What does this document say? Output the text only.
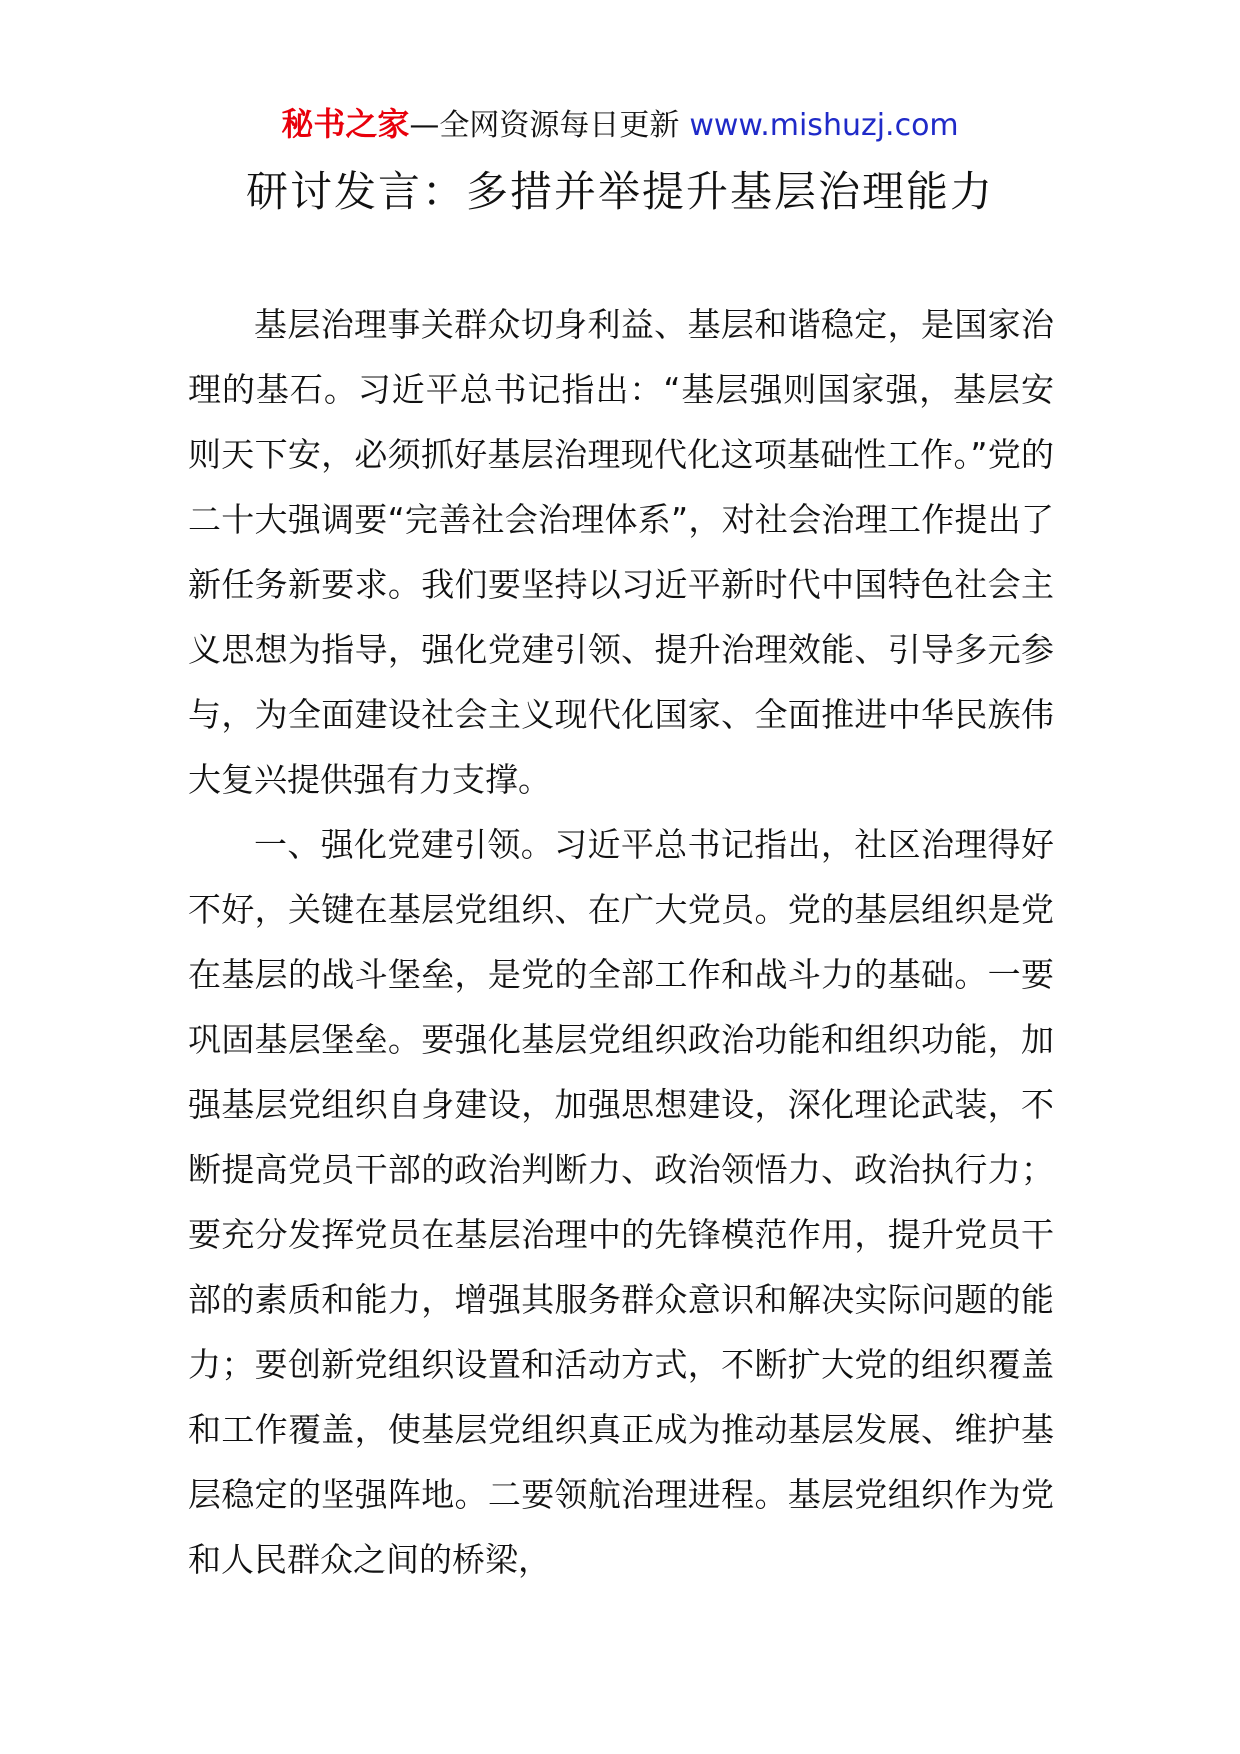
秘书之家—全网资源每日更新 www.mishuzj.com
研讨发言：多措并举提升基层治理能力

基层治理事关群众切身利益、基层和谐稳定，是国家治理的基石。习近平总书记指出：“基层强则国家强，基层安则天下安，必须抓好基层治理现代化这项基础性工作。”党的二十大强调要“完善社会治理体系”，对社会治理工作提出了新任务新要求。我们要坚持以习近平新时代中国特色社会主义思想为指导，强化党建引领、提升治理效能、引导多元参与，为全面建设社会主义现代化国家、全面推进中华民族伟大复兴提供强有力支撑。

一、强化党建引领。习近平总书记指出，社区治理得好不好，关键在基层党组织、在广大党员。党的基层组织是党在基层的战斗堡垒，是党的全部工作和战斗力的基础。一要巩固基层堡垒。要强化基层党组织政治功能和组织功能，加强基层党组织自身建设，加强思想建设，深化理论武装，不断提高党员干部的政治判断力、政治领悟力、政治执行力；要充分发挥党员在基层治理中的先锋模范作用，提升党员干部的素质和能力，增强其服务群众意识和解决实际问题的能力；要创新党组织设置和活动方式，不断扩大党的组织覆盖和工作覆盖，使基层党组织真正成为推动基层发展、维护基层稳定的坚强阵地。二要领航治理进程。基层党组织作为党和人民群众之间的桥梁，
